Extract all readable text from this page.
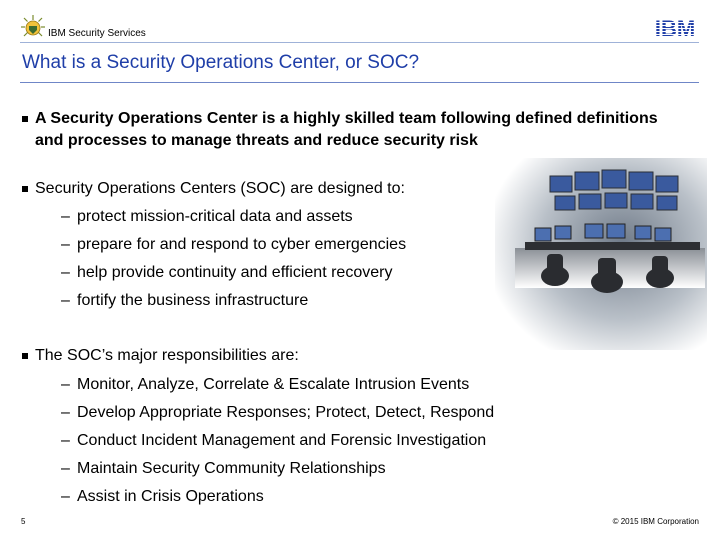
IBM Security Services	IBM
What is a Security Operations Center, or SOC?
A Security Operations Center is a highly skilled team following defined definitions and processes to manage threats and reduce security risk
Security Operations Centers (SOC) are designed to:
– protect mission-critical data and assets
– prepare for and respond to cyber emergencies
– help provide continuity and efficient recovery
– fortify the business infrastructure
The SOC’s major responsibilities are:
– Monitor, Analyze, Correlate & Escalate Intrusion Events
– Develop Appropriate Responses; Protect, Detect, Respond
– Conduct Incident Management and Forensic Investigation
– Maintain Security Community Relationships
– Assist in Crisis Operations
5	© 2015 IBM Corporation
